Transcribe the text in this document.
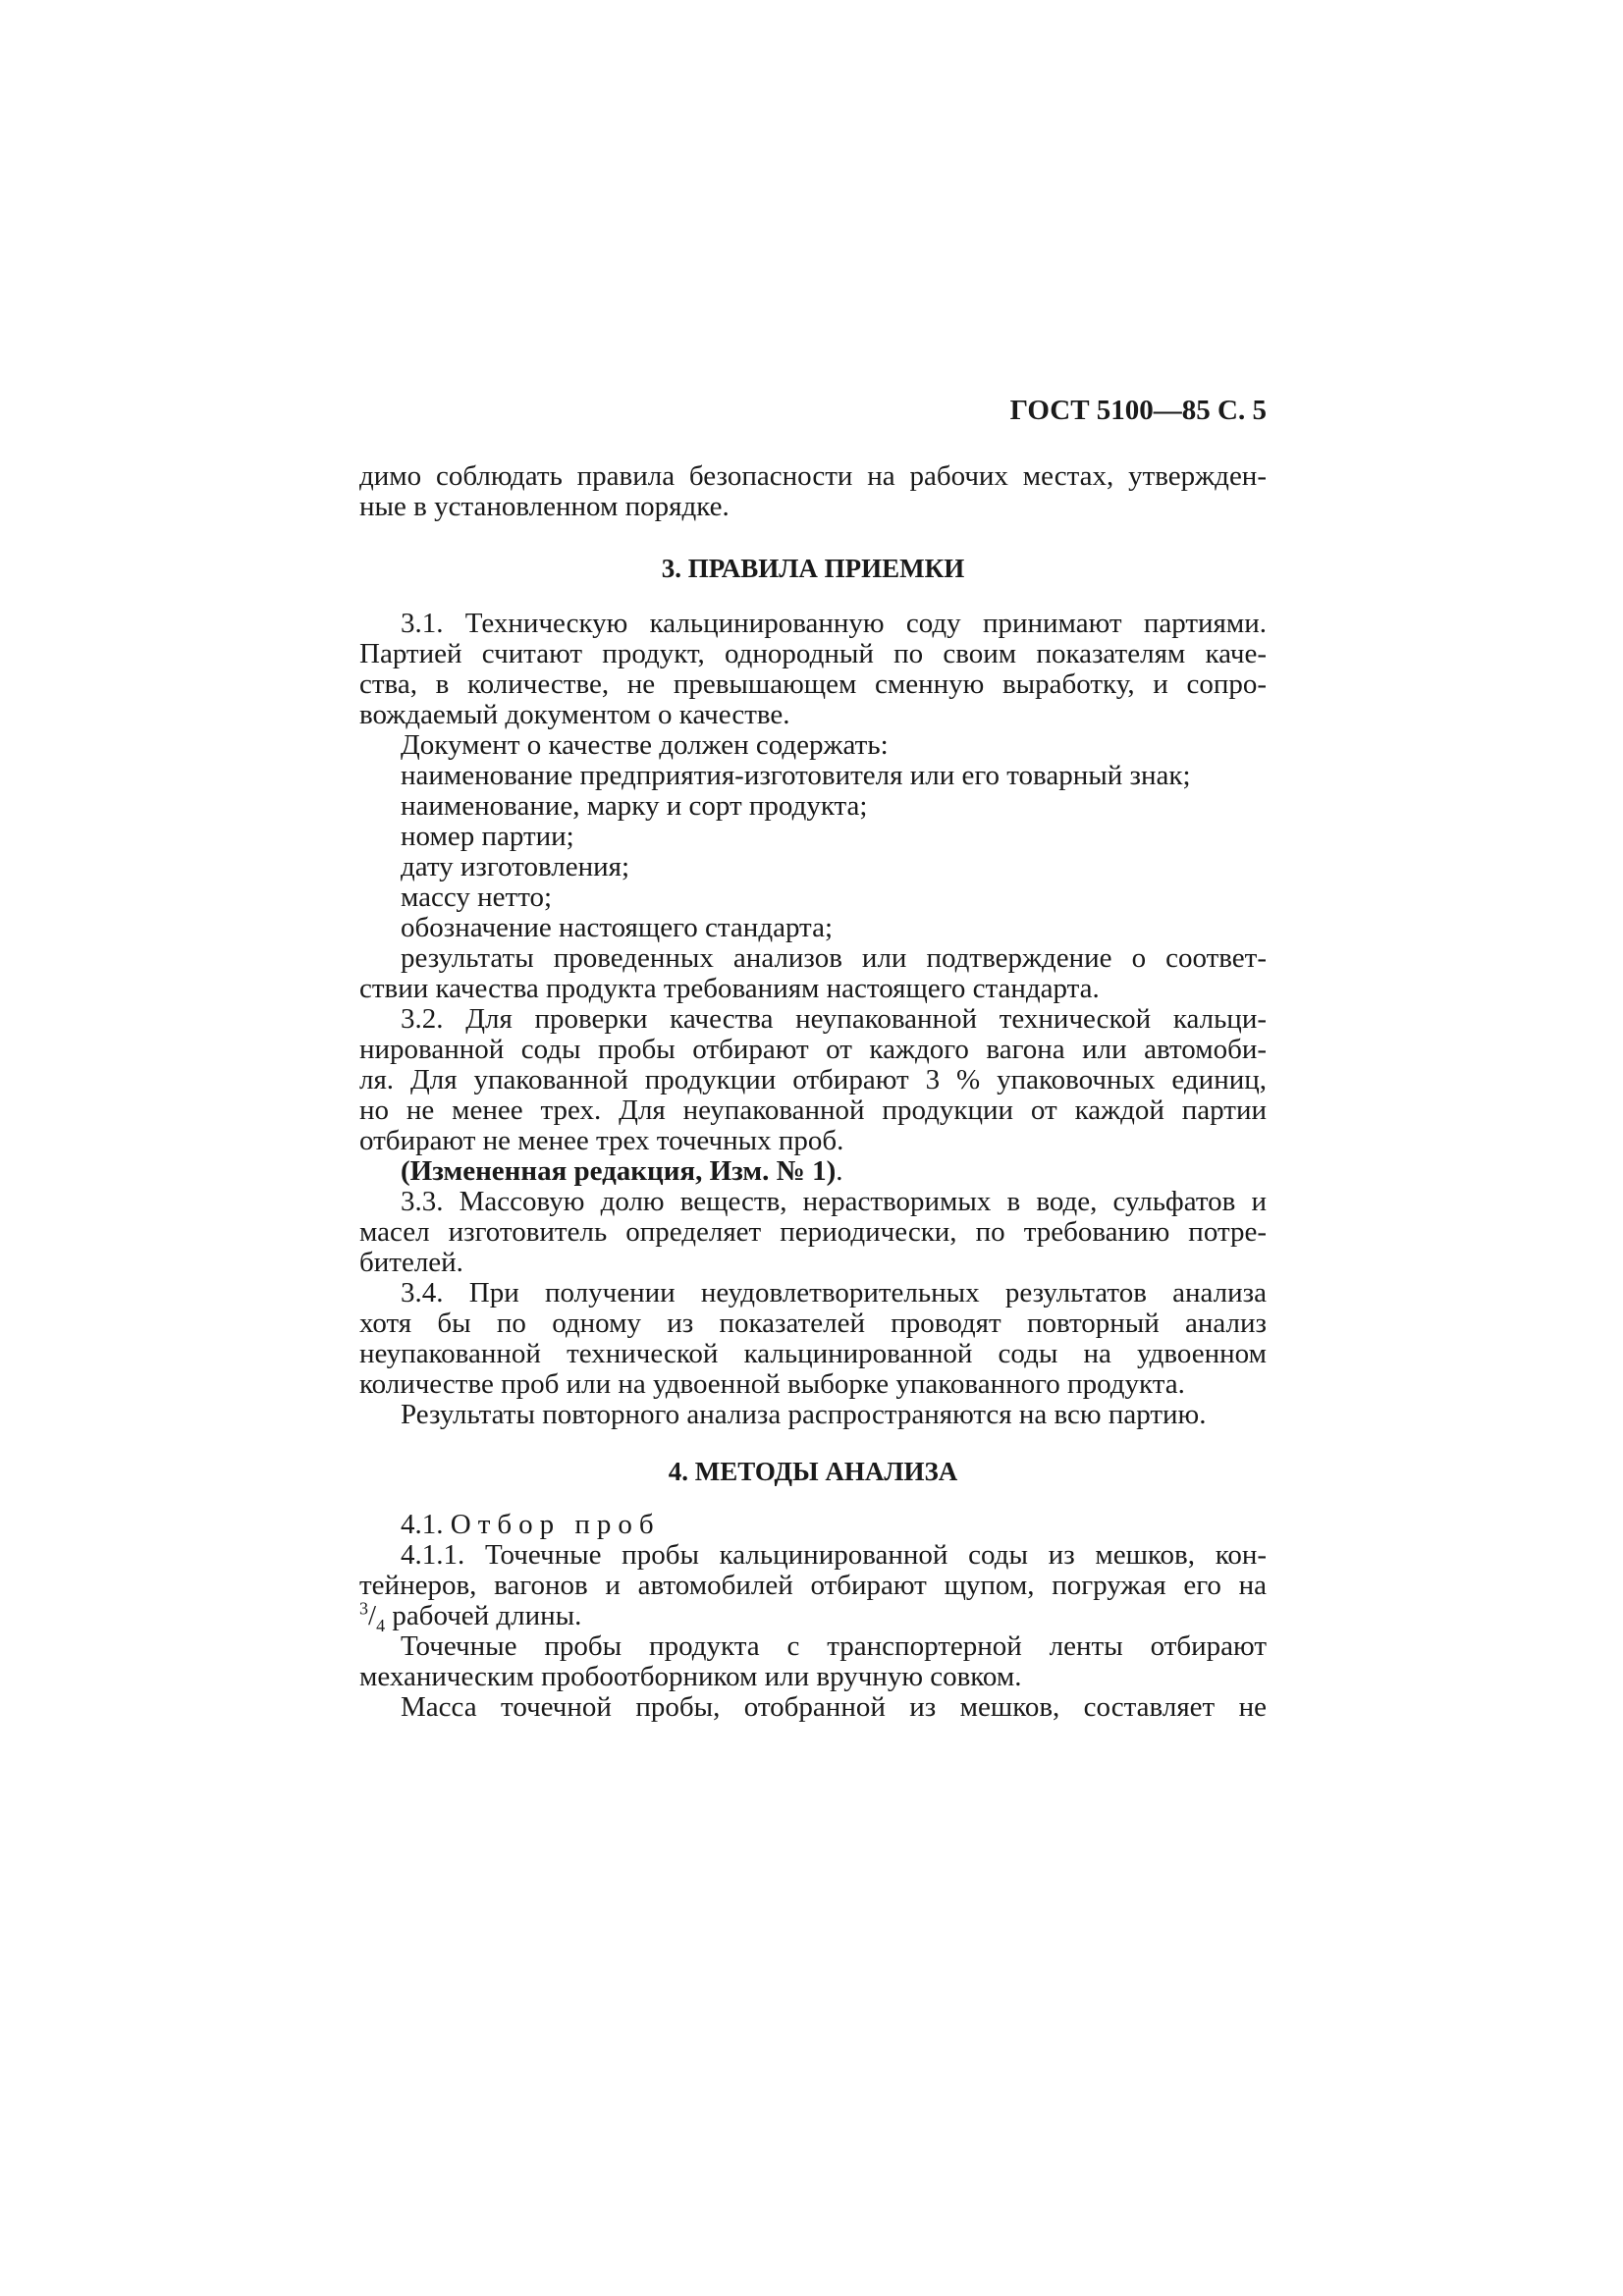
ГОСТ 5100—85 С. 5
димо соблюдать правила безопасности на рабочих местах, утвержден-
ные в установленном порядке.
3. ПРАВИЛА ПРИЕМКИ
3.1. Техническую кальцинированную соду принимают партиями.
Партией считают продукт, однородный по своим показателям каче-
ства, в количестве, не превышающем сменную выработку, и сопро-
вождаемый документом о качестве.
Документ о качестве должен содержать:
наименование предприятия-изготовителя или его товарный знак;
наименование, марку и сорт продукта;
номер партии;
дату изготовления;
массу нетто;
обозначение настоящего стандарта;
результаты проведенных анализов или подтверждение о соответ-
ствии качества продукта требованиям настоящего стандарта.
3.2. Для проверки качества неупакованной технической кальци-
нированной соды пробы отбирают от каждого вагона или автомоби-
ля. Для упакованной продукции отбирают 3 % упаковочных единиц,
но не менее трех. Для неупакованной продукции от каждой партии
отбирают не менее трех точечных проб.
(Измененная редакция, Изм. № 1).
3.3. Массовую долю веществ, нерастворимых в воде, сульфатов и
масел изготовитель определяет периодически, по требованию потре-
бителей.
3.4. При получении неудовлетворительных результатов анализа
хотя бы по одному из показателей проводят повторный анализ
неупакованной технической кальцинированной соды на удвоенном
количестве проб или на удвоенной выборке упакованного продукта.
Результаты повторного анализа распространяются на всю партию.
4. МЕТОДЫ АНАЛИЗА
4.1. Отбор проб
4.1.1. Точечные пробы кальцинированной соды из мешков, кон-
тейнеров, вагонов и автомобилей отбирают щупом, погружая его на
$^3/_4$ рабочей длины.
Точечные пробы продукта с транспортерной ленты отбирают
механическим пробоотборником или вручную совком.
Масса точечной пробы, отобранной из мешков, составляет не
